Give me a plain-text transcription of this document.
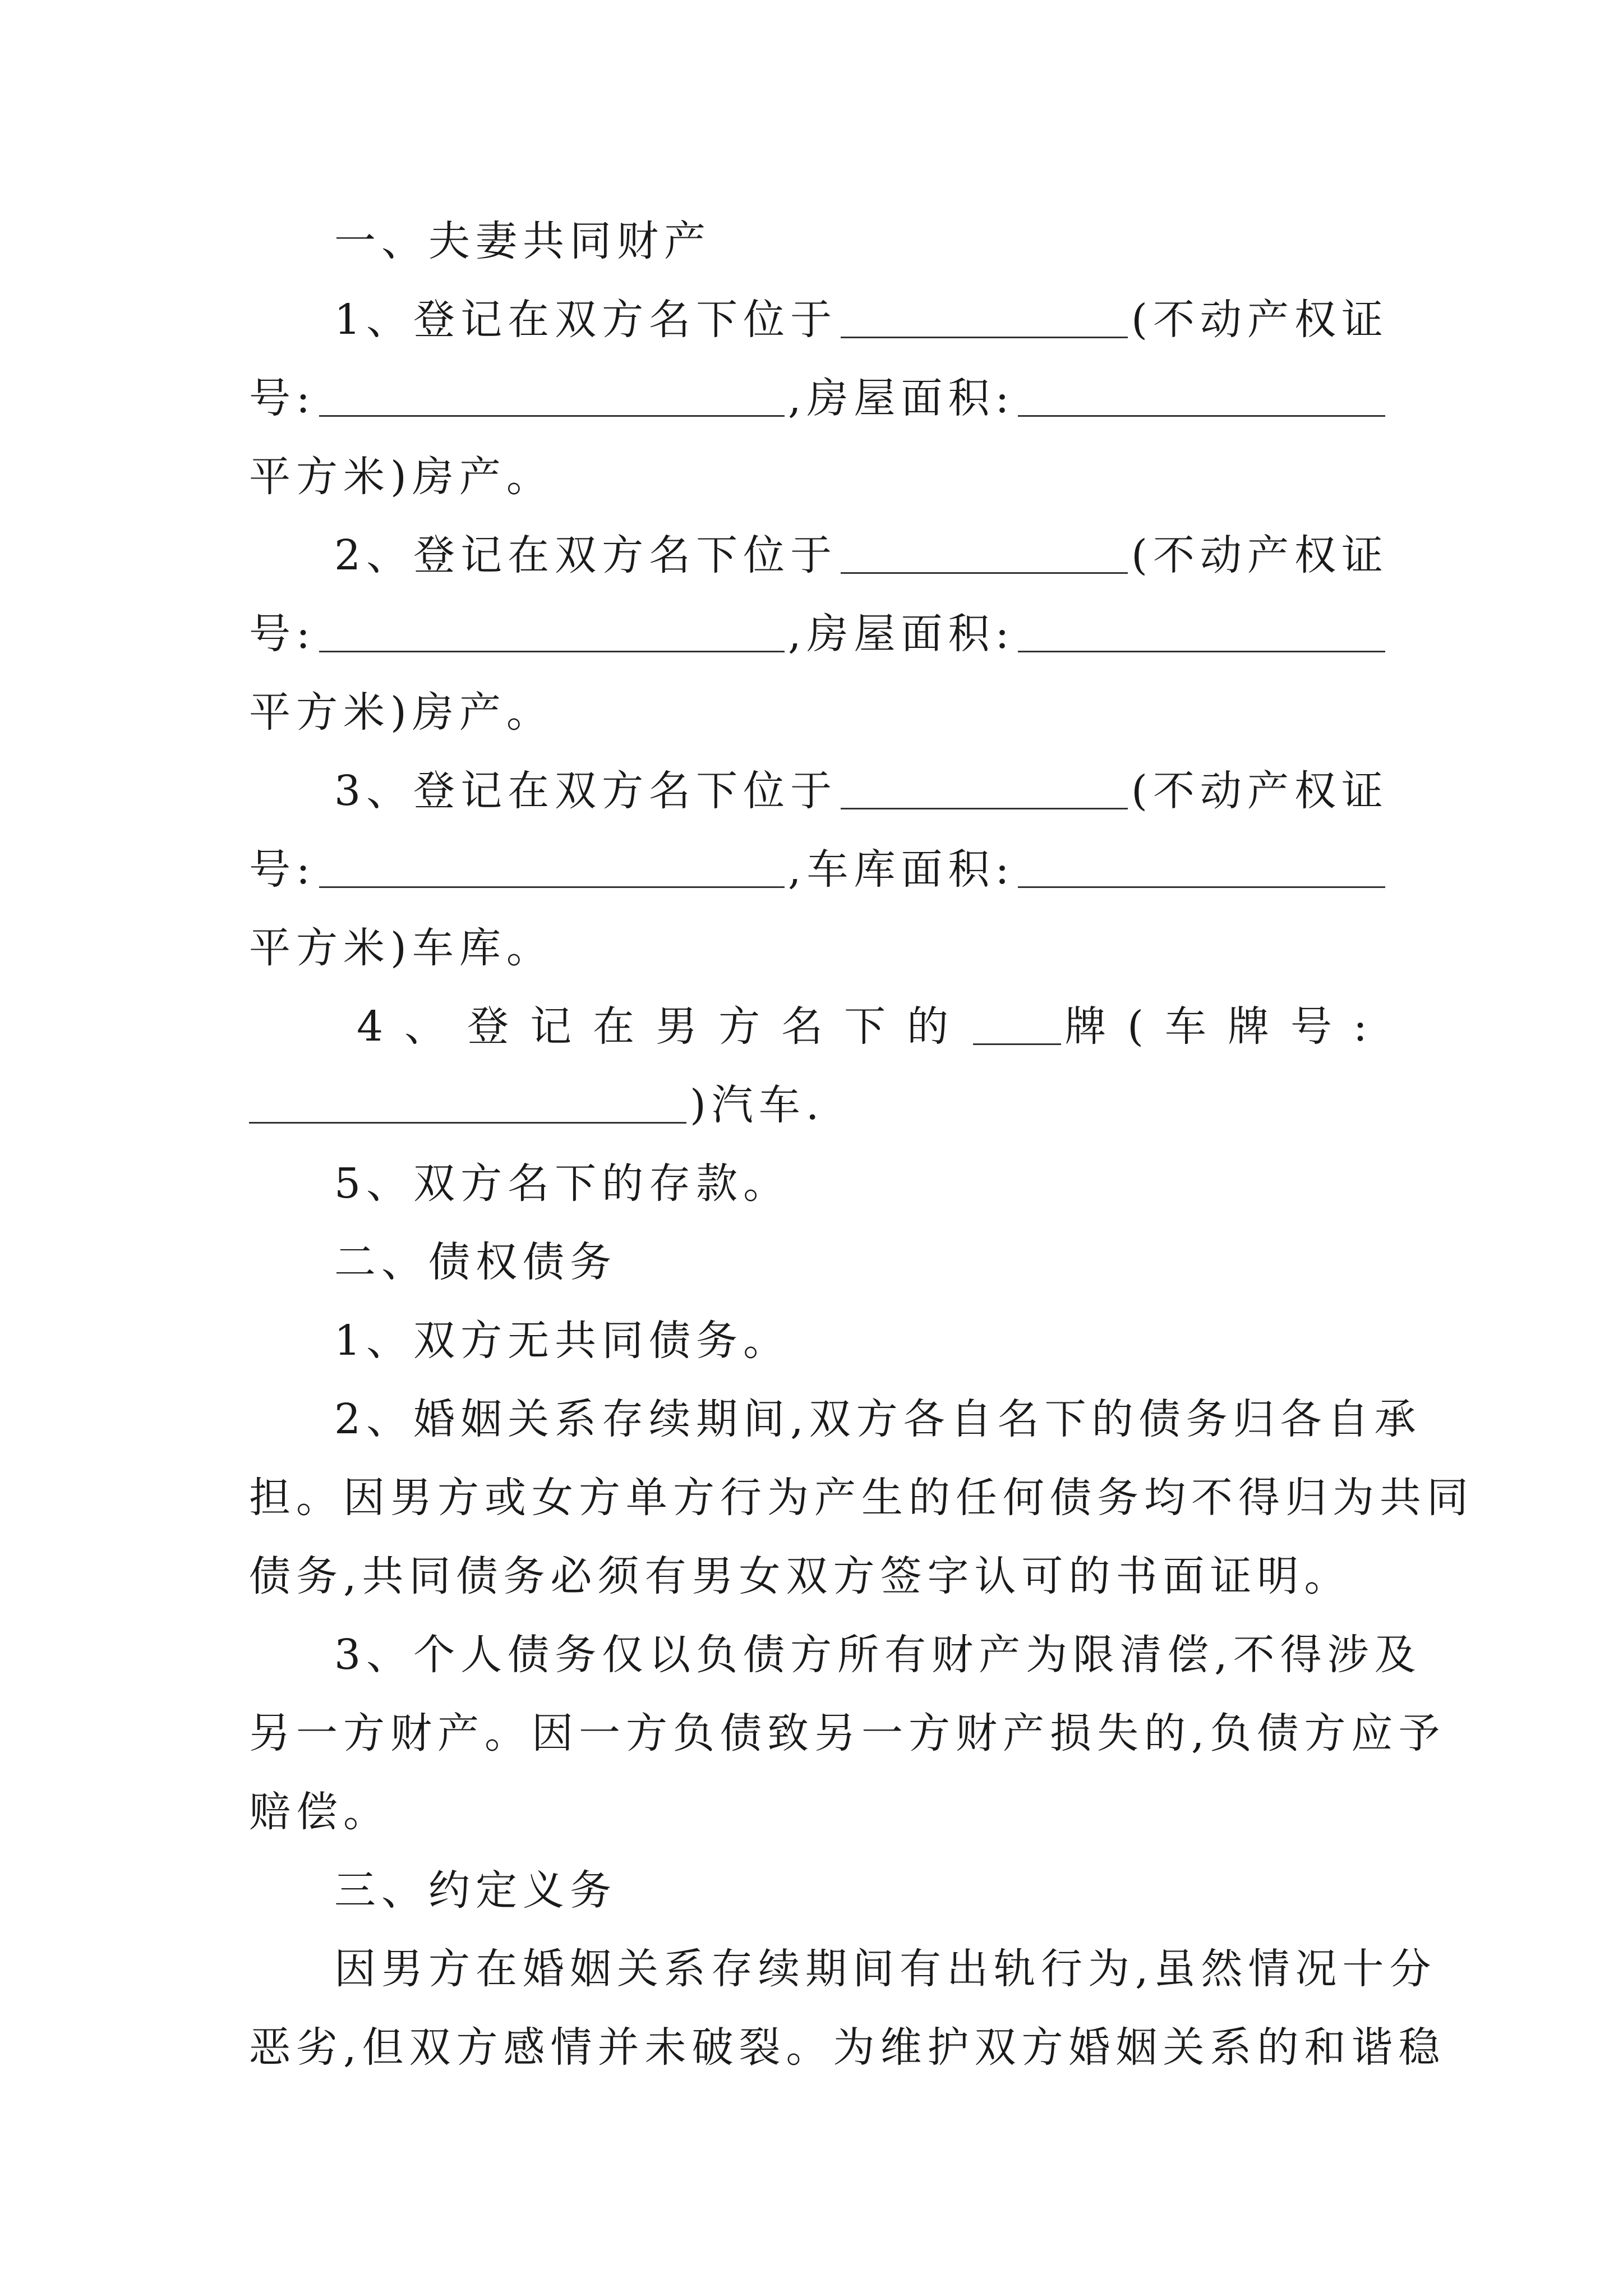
一、夫妻共同财产
1、登记在双方名下位于	(不动产权证
号:	,房屋面积:
平方米)房产。
2、登记在双方名下位于	(不动产权证
号:	,房屋面积:
平方米)房产。
3、登记在双方名下位于	(不动产权证
号:	,车库面积:
平方米)车库。
4、登记在男方名下的 牌(车牌号:
)汽车.
5、双方名下的存款。
二、债权债务
1、双方无共同债务。
2、婚姻关系存续期间,双方各自名下的债务归各自承
担。因男方或女方单方行为产生的任何债务均不得归为共同
债务,共同债务必须有男女双方签字认可的书面证明。
3、个人债务仅以负债方所有财产为限清偿,不得涉及
另一方财产。因一方负债致另一方财产损失的,负债方应予
赔偿。
三、约定义务
因男方在婚姻关系存续期间有出轨行为,虽然情况十分
恶劣,但双方感情并未破裂。为维护双方婚姻关系的和谐稳
